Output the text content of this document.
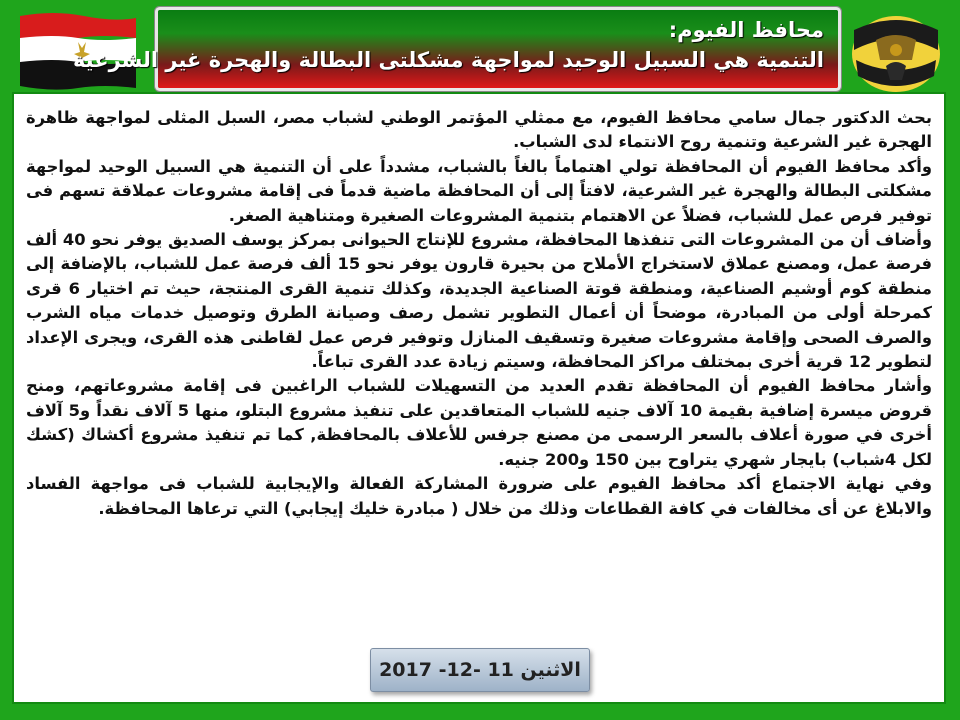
محافظ الفيوم:
التنمية هي السبيل الوحيد لمواجهة مشكلتى البطالة والهجرة غير الشرعية

بحث الدكتور جمال سامي محافظ الفيوم، مع ممثلي المؤتمر الوطني لشباب مصر، السبل المثلى لمواجهة ظاهرة الهجرة غير الشرعية وتنمية روح الانتماء لدى الشباب.

وأكد محافظ الفيوم أن المحافظة تولي اهتماماً بالغاً بالشباب، مشدداً على أن التنمية هي السبيل الوحيد لمواجهة مشكلتى البطالة والهجرة غير الشرعية، لافتاً إلى أن المحافظة ماضية قدماً فى إقامة مشروعات عملاقة تسهم فى توفير فرص عمل للشباب، فضلاً عن الاهتمام بتنمية المشروعات الصغيرة ومتناهية الصغر.

وأضاف أن من المشروعات التى تنفذها المحافظة، مشروع للإنتاج الحيوانى بمركز يوسف الصديق يوفر نحو 40 ألف فرصة عمل، ومصنع عملاق لاستخراج الأملاح من بحيرة قارون يوفر نحو 15 ألف فرصة عمل للشباب، بالإضافة إلى منطقة كوم أوشيم الصناعية، ومنطقة قوتة الصناعية الجديدة، وكذلك تنمية القرى المنتجة، حيث تم اختيار 6 قرى كمرحلة أولى من المبادرة، موضحاً أن أعمال التطوير تشمل رصف وصيانة الطرق وتوصيل خدمات مياه الشرب والصرف الصحى وإقامة مشروعات صغيرة وتسقيف المنازل وتوفير فرص عمل لقاطنى هذه القرى، ويجرى الإعداد لتطوير 12 قرية أخرى بمختلف مراكز المحافظة، وسيتم زيادة عدد القرى تباعاً.

وأشار محافظ الفيوم أن المحافظة تقدم العديد من التسهيلات للشباب الراغبين فى إقامة مشروعاتهم، ومنح قروض ميسرة إضافية بقيمة 10 آلاف جنيه للشباب المتعاقدين على تنفيذ مشروع البتلو، منها 5 آلاف نقداً و5 آلاف أخرى في صورة أعلاف بالسعر الرسمى من مصنع جرفس للأعلاف بالمحافظة, كما تم تنفيذ مشروع أكشاك (كشك لكل 4شباب) بايجار شهري يتراوح بين 150 و200 جنيه.

وفي نهاية الاجتماع أكد محافظ الفيوم على ضرورة المشاركة الفعالة والإيجابية للشباب فى مواجهة الفساد والابلاغ عن أى مخالفات في كافة القطاعات وذلك من خلال ( مبادرة خليك إيجابي) التي ترعاها المحافظة.

الاثنين 11 -12- 2017
